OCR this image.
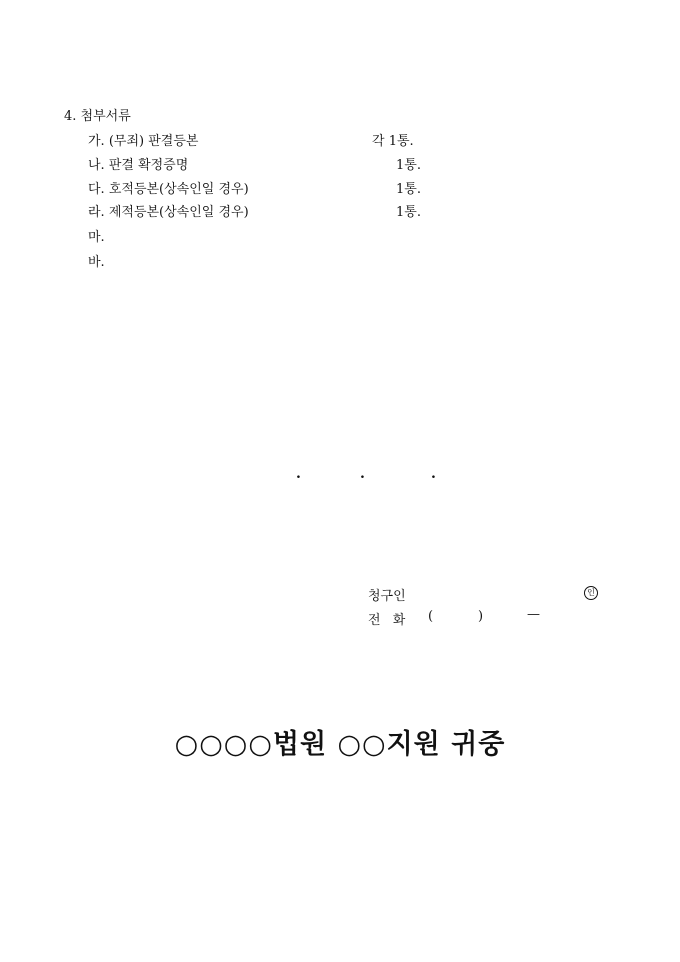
4. 첨부서류
가. (무죄) 판결등본	각 1통.
나. 판결 확정증명	1통.
다. 호적등본(상속인일 경우)	1통.
라. 제적등본(상속인일 경우)	1통.
마.
바.
.	.	.
청구인	인
전 화 (	)	—
○○○○법원 ○○지원 귀중
